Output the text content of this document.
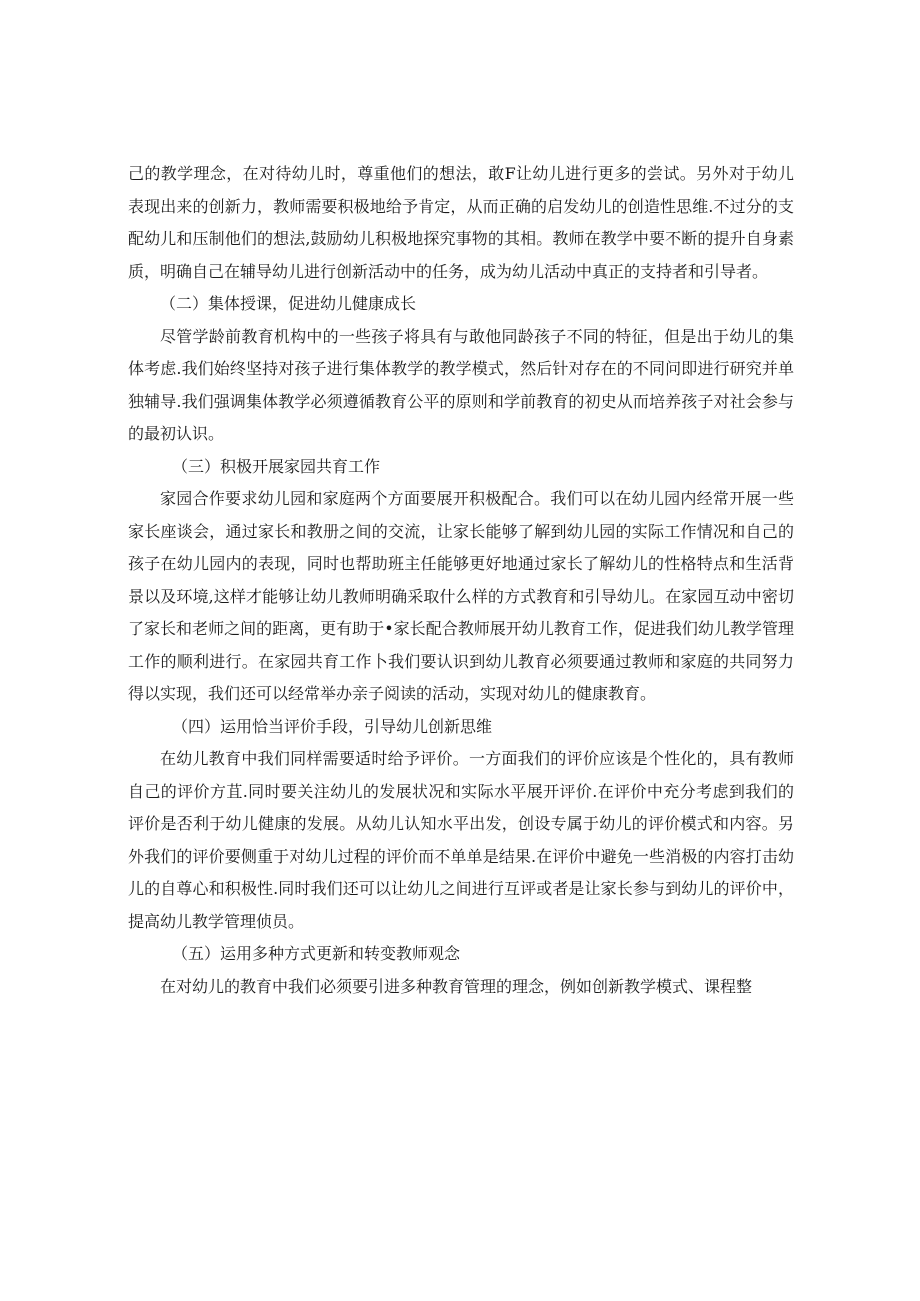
己的教学理念，在对待幼儿时，尊重他们的想法，敢F让幼儿进行更多的尝试。另外对于幼儿表现出来的创新力，教师需要积极地给予肯定，从而正确的启发幼儿的创造性思维.不过分的支配幼儿和压制他们的想法,鼓励幼儿积极地探究事物的其相。教师在教学中要不断的提升自身素质，明确自己在辅导幼儿进行创新活动中的任务，成为幼儿活动中真正的支持者和引导者。

（二）集体授课，促进幼儿健康成长

尽管学龄前教育机构中的一些孩子将具有与敢他同龄孩子不同的特征，但是出于幼儿的集体考虑.我们始终坚持对孩子进行集体教学的教学模式，然后针对存在的不同问即进行研究并单独辅导.我们强调集体教学必须遵循教育公平的原则和学前教育的初史从而培养孩子对社会参与的最初认识。

（三）积极开展家园共育工作

家园合作要求幼儿园和家庭两个方面要展开积极配合。我们可以在幼儿园内经常开展一些家长座谈会，通过家长和教册之间的交流，让家长能够了解到幼儿园的实际工作情况和自己的孩子在幼儿园内的表现，同时也帮助班主任能够更好地通过家长了解幼儿的性格特点和生活背景以及环境,这样才能够让幼儿教师明确采取什么样的方式教育和引导幼儿。在家园互动中密切了家长和老师之间的距离，更有助于•家长配合教师展开幼儿教育工作，促进我们幼儿教学管理工作的顺利进行。在家园共育工作卜我们要认识到幼儿教育必须要通过教师和家庭的共同努力得以实现，我们还可以经常举办亲子阅读的活动，实现对幼儿的健康教育。

（四）运用恰当评价手段，引导幼儿创新思维

在幼儿教育中我们同样需要适时给予评价。一方面我们的评价应该是个性化的，具有教师自己的评价方苴.同时要关注幼儿的发展状况和实际水平展开评价.在评价中充分考虑到我们的评价是否利于幼儿健康的发展。从幼儿认知水平出发，创设专属于幼儿的评价模式和内容。另外我们的评价要侧重于对幼儿过程的评价而不单单是结果.在评价中避免一些消极的内容打击幼儿的自尊心和积极性.同时我们还可以让幼儿之间进行互评或者是让家长参与到幼儿的评价中，提高幼儿教学管理侦员。

（五）运用多种方式更新和转变教师观念

在对幼儿的教育中我们必须要引进多种教育管理的理念，例如创新教学模式、课程整
